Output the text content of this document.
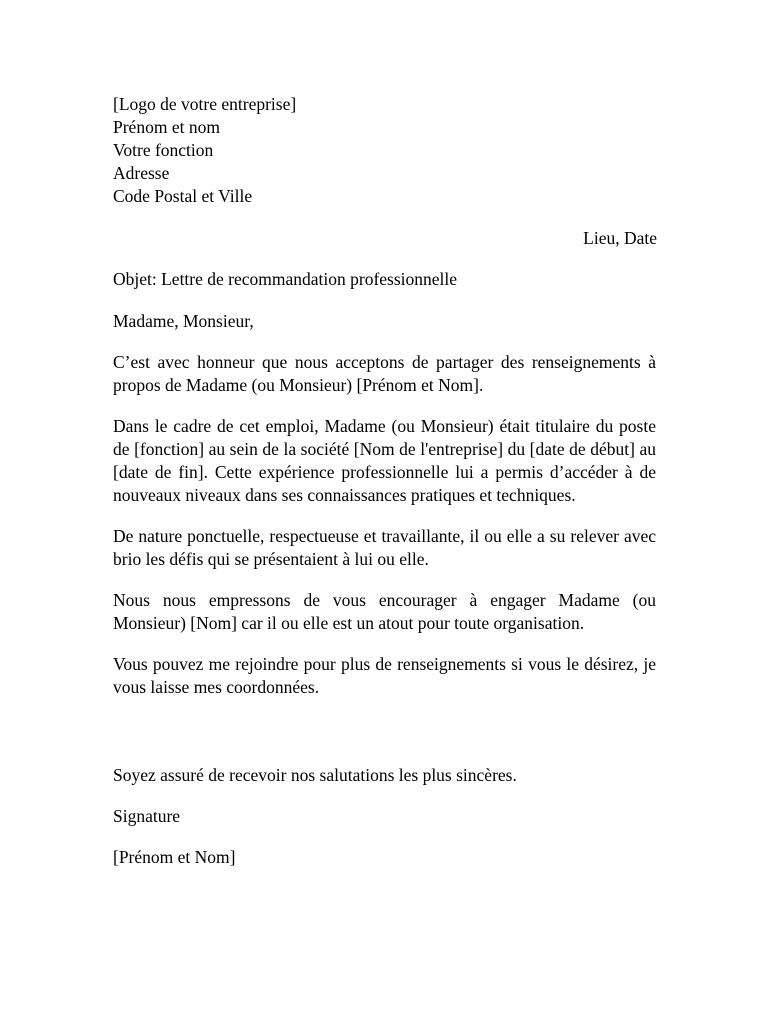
[Logo de votre entreprise]
Prénom et nom
Votre fonction
Adresse
Code Postal et Ville
Lieu, Date
Objet: Lettre de recommandation professionnelle
Madame, Monsieur,

C’est avec honneur que nous acceptons de partager des renseignements à propos de Madame (ou Monsieur) [Prénom et Nom].

Dans le cadre de cet emploi, Madame (ou Monsieur) était titulaire du poste de [fonction] au sein de la société [Nom de l'entreprise] du [date de début] au [date de fin]. Cette expérience professionnelle lui a permis d’accéder à de nouveaux niveaux dans ses connaissances pratiques et techniques.

De nature ponctuelle, respectueuse et travaillante, il ou elle a su relever avec brio les défis qui se présentaient à lui ou elle.

Nous nous empressons de vous encourager à engager Madame (ou Monsieur) [Nom] car il ou elle est un atout pour toute organisation.

Vous pouvez me rejoindre pour plus de renseignements si vous le désirez, je vous laisse mes coordonnées.

Soyez assuré de recevoir nos salutations les plus sincères.

Signature

[Prénom et Nom]
